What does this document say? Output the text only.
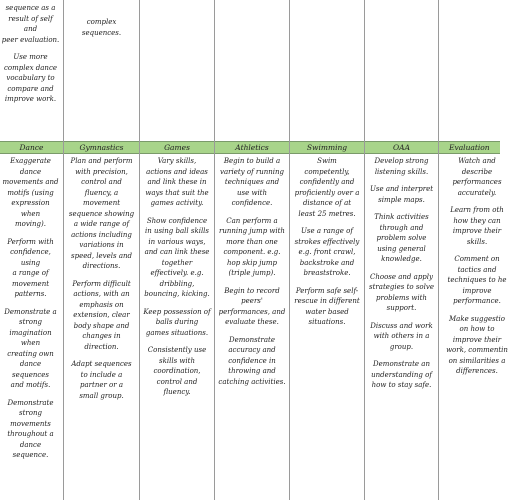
sequence as a
result of self and
peer evaluation.
Use more
complex dance
vocabulary to
compare and
improve work.
Dance
Exaggerate dance
movements and
motifs (using
expression when
moving).
Perform with
confidence, using
a range of
movement
patterns.
Demonstrate a
strong
imagination when
creating own
dance sequences
and motifs.
Demonstrate
strong movements
throughout a
dance sequence.
complex
sequences.
Gymnastics
Plan and perform
with precision,
control and
fluency, a
movement
sequence showing
a wide range of
actions including
variations in
speed, levels and
directions.
Perform difficult
actions, with an
emphasis on
extension, clear
body shape and
changes in
direction.
Adapt sequences
to include a
partner or a
small group.
Games
Vary skills,
actions and ideas
and link these in
ways that suit the
games activity.
Show confidence
in using ball skills
in various ways,
and can link these
together
effectively. e.g.
dribbling,
bouncing, kicking.
Keep possession of
balls during
games situations.
Consistently use
skills with
coordination,
control and
fluency.
Athletics
Begin to build a
variety of running
techniques and
use with
confidence.
Can perform a
running jump with
more than one
component. e.g.
hop skip jump
(triple jump).
Begin to record
peers'
performances, and
evaluate these.
Demonstrate
accuracy and
confidence in
throwing and
catching activities.
Swimming
Swim
competently,
confidently and
proficiently over a
distance of at
least 25 metres.
Use a range of
strokes effectively
e.g. front crawl,
backstroke and
breaststroke.
Perform safe self-
rescue in different
water based
situations.
OAA
Develop strong
listening skills.
Use and interpret
simple maps.
Think activities
through and
problem solve
using general
knowledge.
Choose and apply
strategies to solve
problems with
support.
Discuss and work
with others in a
group.
Demonstrate an
understanding of
how to stay safe.
Evaluation
Watch and
describe
performances
accurately.
Learn from oth
how they can
improve their
skills.
Comment on
tactics and
techniques to he
improve
performance.
Make suggestio
on how to
improve their
work, commentin
on similarities a
differences.
